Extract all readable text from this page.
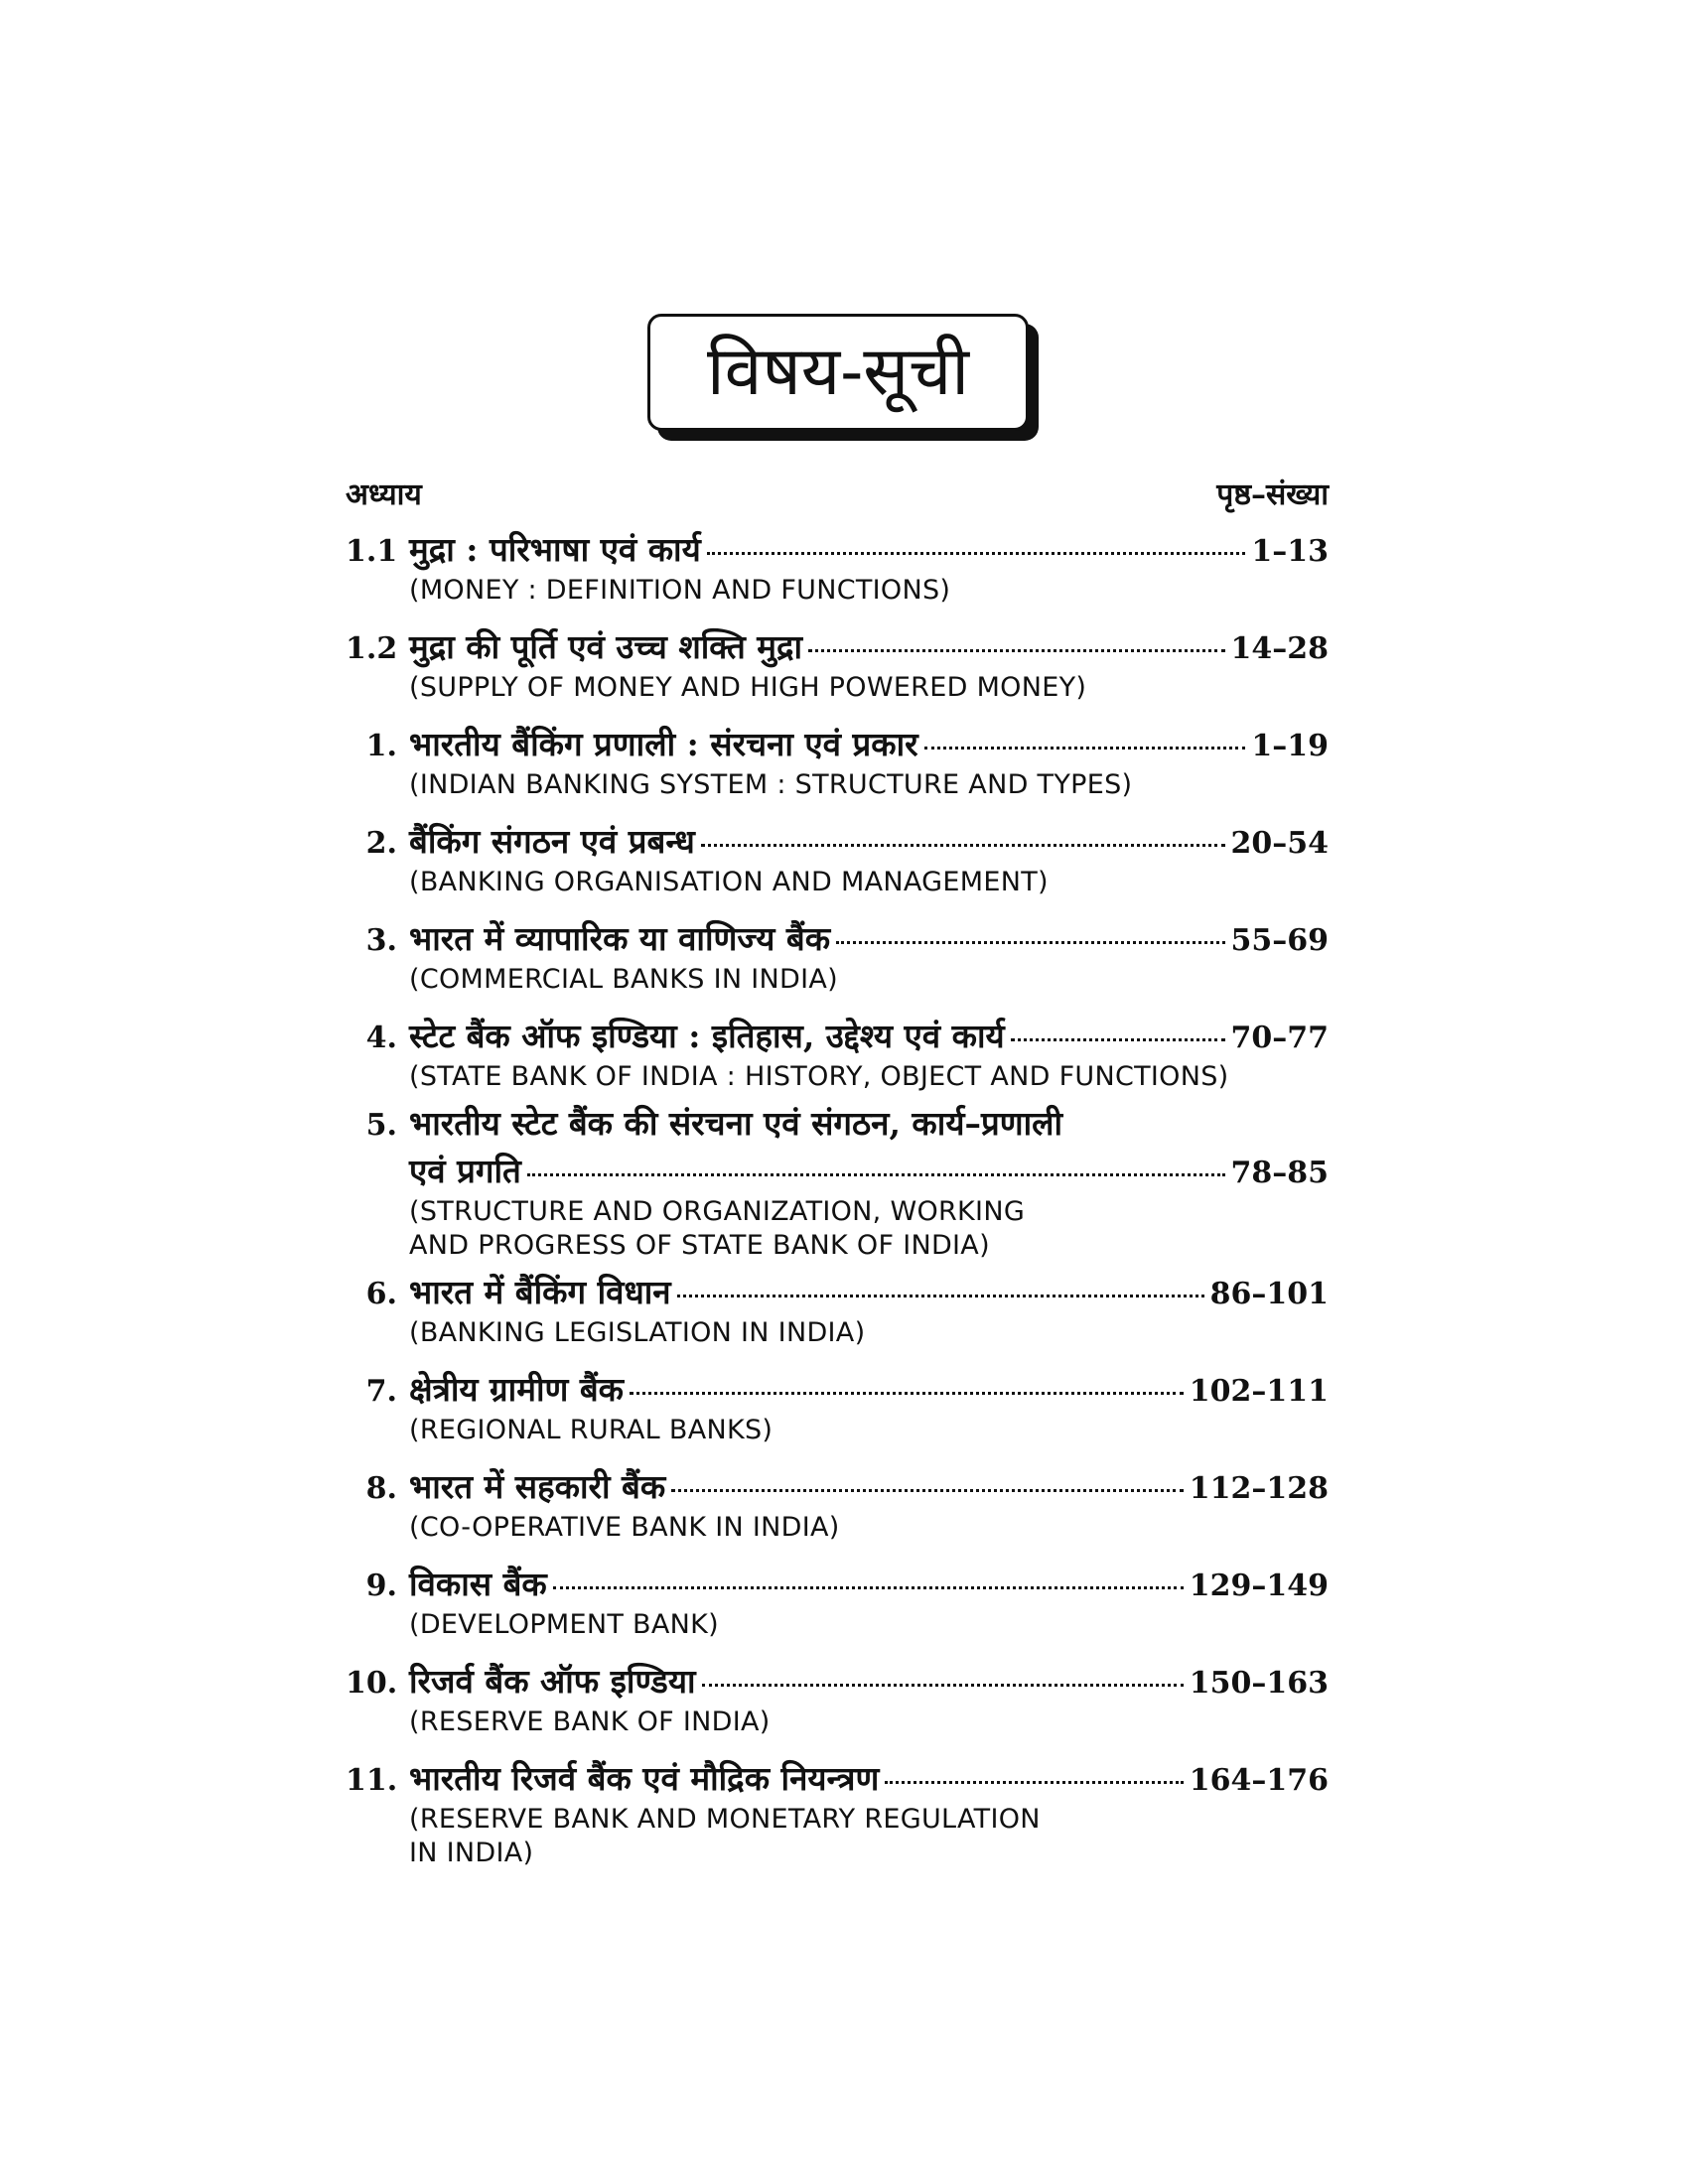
विषय-सूची
अध्याय	पृष्ठ–संख्या
1.1 मुद्रा : परिभाषा एवं कार्य	1–13
(MONEY : DEFINITION AND FUNCTIONS)
1.2 मुद्रा की पूर्ति एवं उच्च शक्ति मुद्रा	14–28
(SUPPLY OF MONEY AND HIGH POWERED MONEY)
1. भारतीय बैंकिंग प्रणाली : संरचना एवं प्रकार	1–19
(INDIAN BANKING SYSTEM : STRUCTURE AND TYPES)
2. बैंकिंग संगठन एवं प्रबन्ध	20–54
(BANKING ORGANISATION AND MANAGEMENT)
3. भारत में व्यापारिक या वाणिज्य बैंक	55–69
(COMMERCIAL BANKS IN INDIA)
4. स्टेट बैंक ऑफ इण्डिया : इतिहास, उद्देश्य एवं कार्य	70–77
(STATE BANK OF INDIA : HISTORY, OBJECT AND FUNCTIONS)
5. भारतीय स्टेट बैंक की संरचना एवं संगठन, कार्य–प्रणाली
एवं प्रगति	78–85
(STRUCTURE AND ORGANIZATION, WORKING
AND PROGRESS OF STATE BANK OF INDIA)
6. भारत में बैंकिंग विधान	86–101
(BANKING LEGISLATION IN INDIA)
7. क्षेत्रीय ग्रामीण बैंक	102–111
(REGIONAL RURAL BANKS)
8. भारत में सहकारी बैंक	112–128
(CO-OPERATIVE BANK IN INDIA)
9. विकास बैंक	129–149
(DEVELOPMENT BANK)
10. रिजर्व बैंक ऑफ इण्डिया	150–163
(RESERVE BANK OF INDIA)
11. भारतीय रिजर्व बैंक एवं मौद्रिक नियन्त्रण	164–176
(RESERVE BANK AND MONETARY REGULATION
IN INDIA)
